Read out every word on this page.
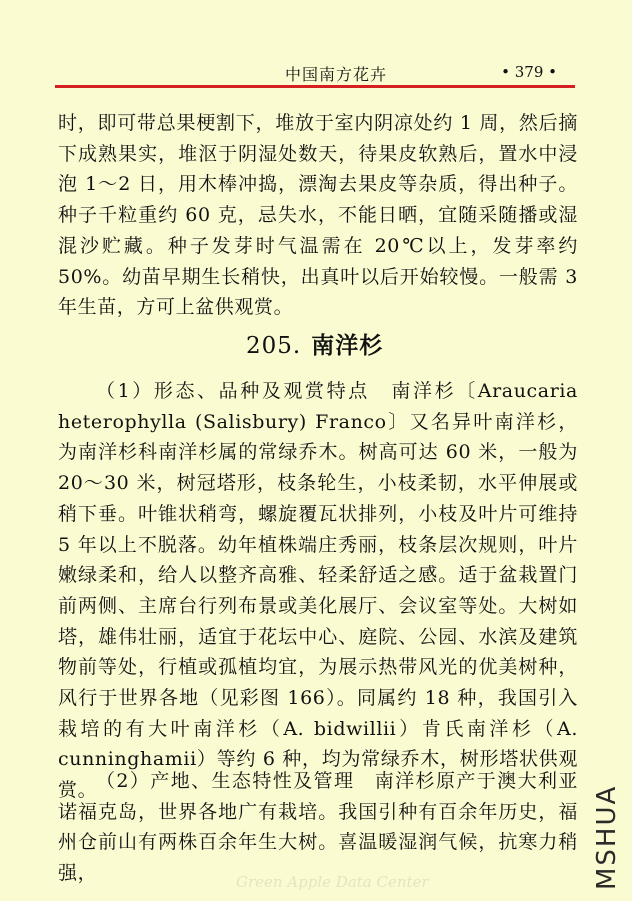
中国南方花卉	• 379 •

时，即可带总果梗割下，堆放于室内阴凉处约 1 周，然后摘下成熟果实，堆沤于阴湿处数天，待果皮软熟后，置水中浸泡 1～2 日，用木棒冲捣，漂淘去果皮等杂质，得出种子。种子千粒重约 60 克，忌失水，不能日晒，宜随采随播或湿混沙贮藏。种子发芽时气温需在 20℃以上，发芽率约 50%。幼苗早期生长稍快，出真叶以后开始较慢。一般需 3 年生苗，方可上盆供观赏。

205. 南洋杉

（1）形态、品种及观赏特点　南洋杉〔Araucaria heterophylla (Salisbury) Franco〕又名异叶南洋杉，为南洋杉科南洋杉属的常绿乔木。树高可达 60 米，一般为 20～30 米，树冠塔形，枝条轮生，小枝柔韧，水平伸展或稍下垂。叶锥状稍弯，螺旋覆瓦状排列，小枝及叶片可维持 5 年以上不脱落。幼年植株端庄秀丽，枝条层次规则，叶片嫩绿柔和，给人以整齐高雅、轻柔舒适之感。适于盆栽置门前两侧、主席台行列布景或美化展厅、会议室等处。大树如塔，雄伟壮丽，适宜于花坛中心、庭院、公园、水滨及建筑物前等处，行植或孤植均宜，为展示热带风光的优美树种，风行于世界各地（见彩图 166）。同属约 18 种，我国引入栽培的有大叶南洋杉（A. bidwillii）肯氏南洋杉（A. cunninghamii）等约 6 种，均为常绿乔木，树形塔状供观赏。

（2）产地、生态特性及管理　南洋杉原产于澳大利亚诺福克岛，世界各地广有栽培。我国引种有百余年历史，福州仓前山有两株百余年生大树。喜温暖湿润气候，抗寒力稍强，	MSHUA
Green Apple Data Center
